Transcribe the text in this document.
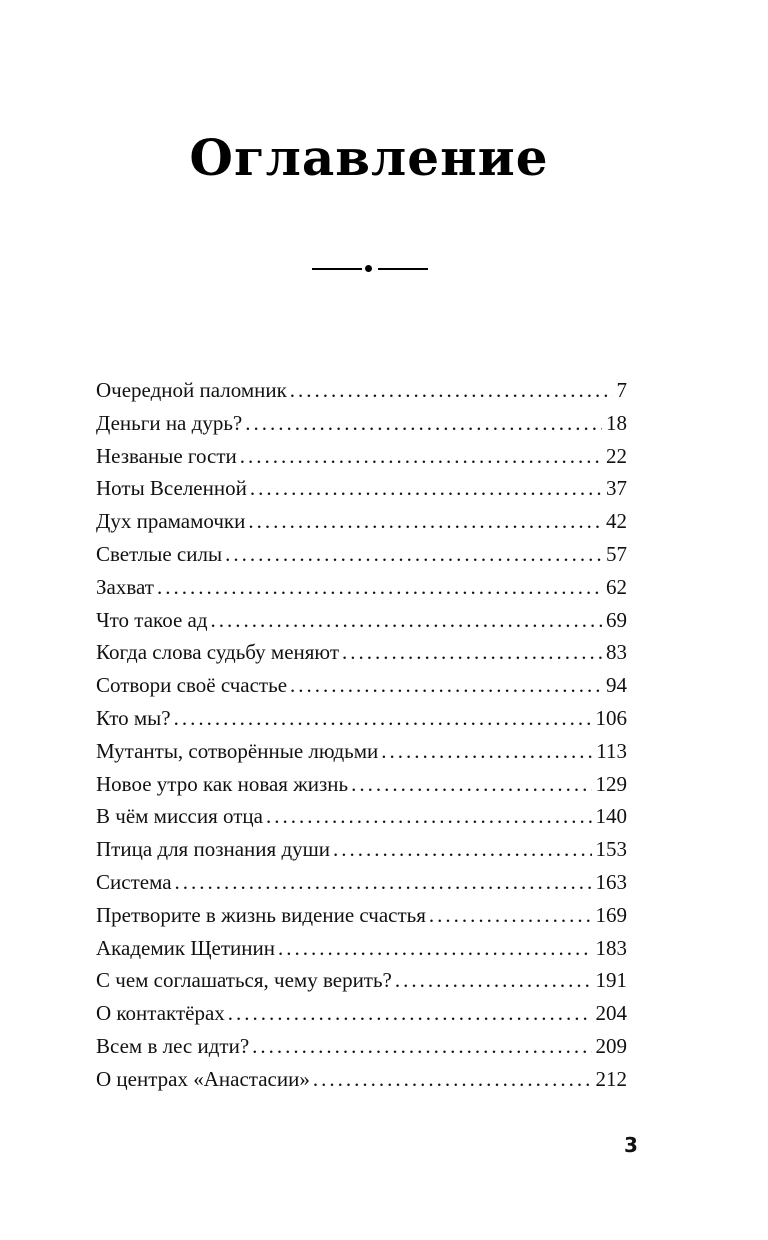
Оглавление
Очередной паломник .....	7
Деньги на дурь? .....	18
Незваные гости .....	22
Ноты Вселенной .....	37
Дух прамамочки .....	42
Светлые силы .....	57
Захват .....	62
Что такое ад .....	69
Когда слова судьбу меняют .....	83
Сотвори своё счастье .....	94
Кто мы? .....	106
Мутанты, сотворённые людьми .....	113
Новое утро как новая жизнь .....	129
В чём миссия отца .....	140
Птица для познания души .....	153
Система .....	163
Претворите в жизнь видение счастья .....	169
Академик Щетинин .....	183
С чем соглашаться, чему верить? .....	191
О контактёрах .....	204
Всем в лес идти? .....	209
О центрах «Анастасии» .....	212
3
